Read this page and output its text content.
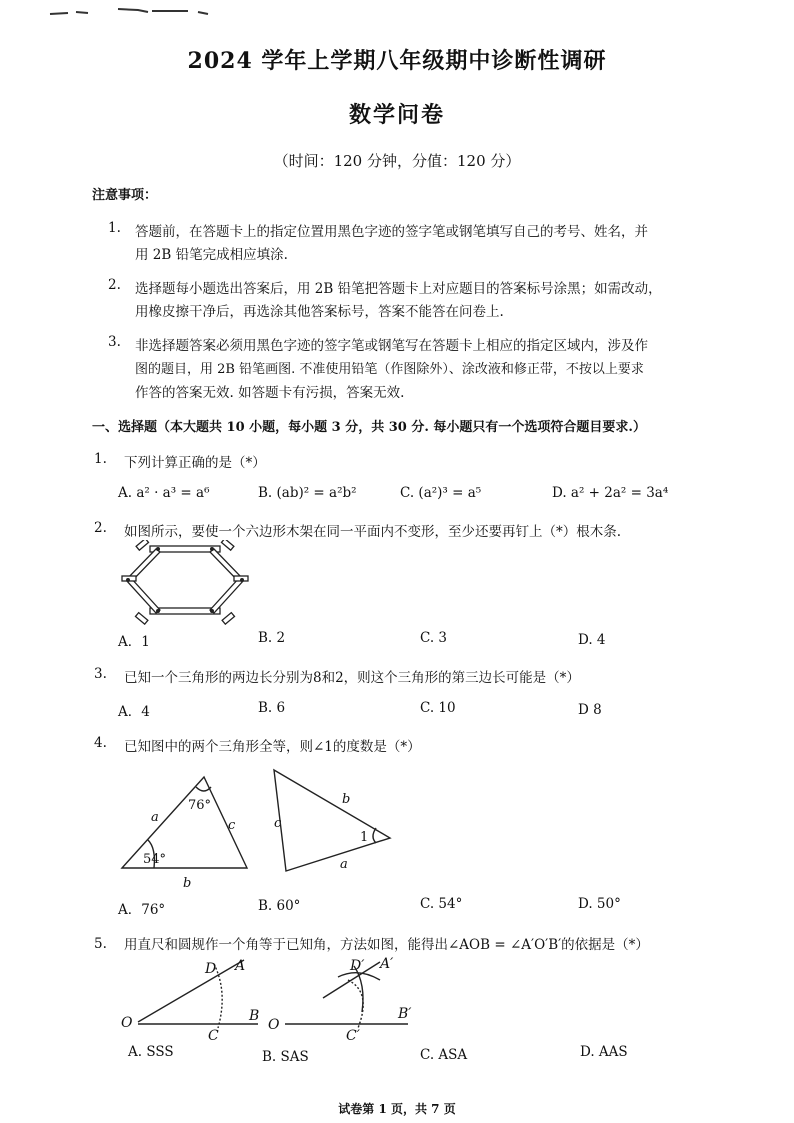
2024 学年上学期八年级期中诊断性调研
数学问卷
（时间：120 分钟，分值：120 分）
注意事项：
1. 答题前，在答题卡上的指定位置用黑色字迹的签字笔或钢笔填写自己的考号、姓名，并
用 2B 铅笔完成相应填涂.
2. 选择题每小题选出答案后，用 2B 铅笔把答题卡上对应题目的答案标号涂黑；如需改动，
用橡皮擦干净后，再选涂其他答案标号，答案不能答在问卷上.
3. 非选择题答案必须用黑色字迹的签字笔或钢笔写在答题卡上相应的指定区域内，涉及作
图的题目，用 2B 铅笔画图. 不准使用铅笔（作图除外）、涂改液和修正带，不按以上要求
作答的答案无效. 如答题卡有污损，答案无效.
一、选择题（本大题共 10 小题，每小题 3 分，共 30 分. 每小题只有一个选项符合题目要求.）
1. 下列计算正确的是（*）
A. a² · a³ = a⁶	B. (ab)² = a²b²	C. (a²)³ = a⁵	D. a² + 2a² = 3a⁴
2. 如图所示，要使一个六边形木架在同一平面内不变形，至少还要再钉上（*）根木条.
A．1	B. 2	C. 3	D. 4
3. 已知一个三角形的两边长分别为8和2，则这个三角形的第三边长可能是（*）
A．4	B. 6	C. 10	D 8
4. 已知图中的两个三角形全等，则∠1的度数是（*）
76°
54°
a
b
c
1
a
b
c
A．76°	B. 60°	C. 54°	D. 50°
5. 用直尺和圆规作一个角等于已知角，方法如图，能得出∠AOB = ∠A′O′B′的依据是（*）
O
A
B
C
D
O
A′
B′
C′
D′
A. SSS	B. SAS	C. ASA	D. AAS
试卷第 1 页，共 7 页
